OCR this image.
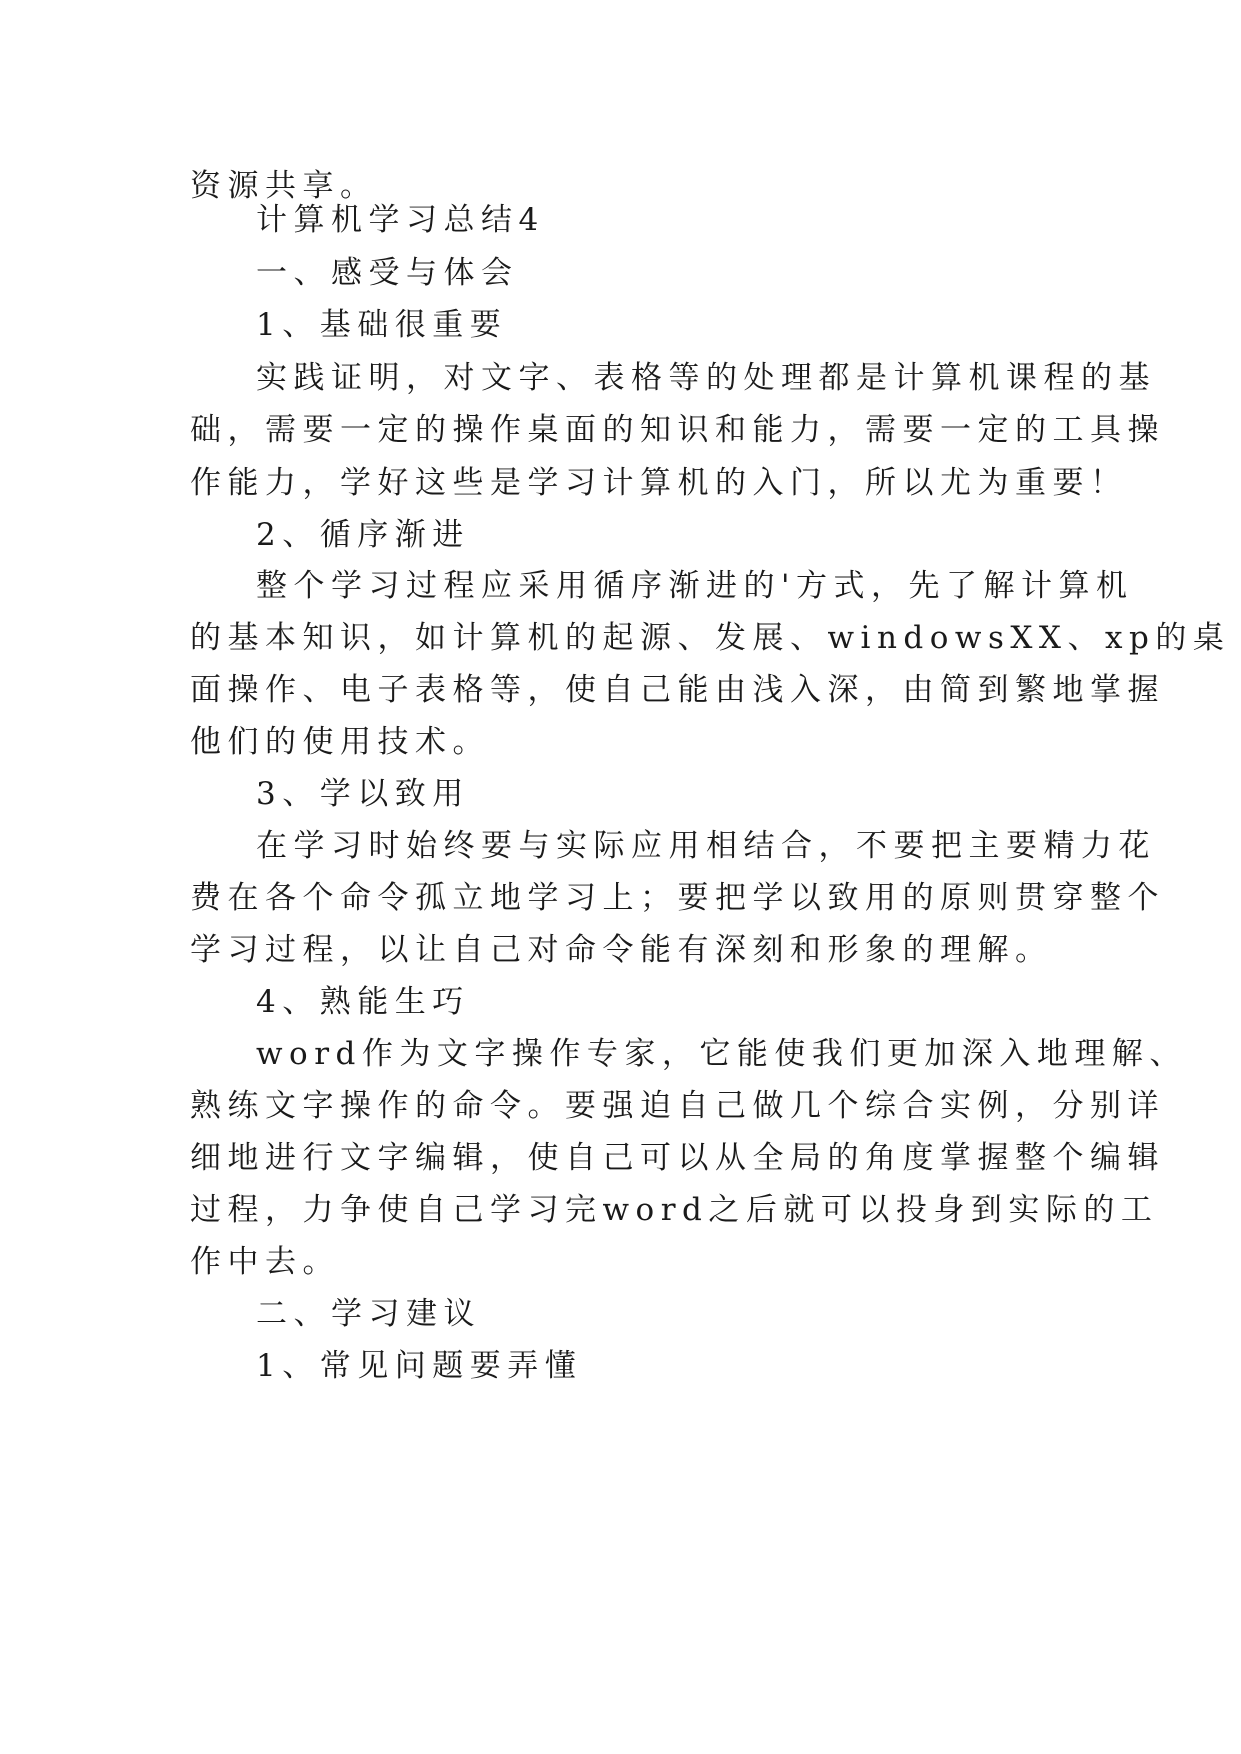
资源共享。
计算机学习总结4
一、感受与体会
1、基础很重要
实践证明，对文字、表格等的处理都是计算机课程的基
础，需要一定的操作桌面的知识和能力，需要一定的工具操
作能力，学好这些是学习计算机的入门，所以尤为重要！
2、循序渐进
整个学习过程应采用循序渐进的'方式，先了解计算机
的基本知识，如计算机的起源、发展、windowsXX、xp的桌
面操作、电子表格等，使自己能由浅入深，由简到繁地掌握
他们的使用技术。
3、学以致用
在学习时始终要与实际应用相结合，不要把主要精力花
费在各个命令孤立地学习上；要把学以致用的原则贯穿整个
学习过程，以让自己对命令能有深刻和形象的理解。
4、熟能生巧
word作为文字操作专家，它能使我们更加深入地理解、
熟练文字操作的命令。要强迫自己做几个综合实例，分别详
细地进行文字编辑，使自己可以从全局的角度掌握整个编辑
过程，力争使自己学习完word之后就可以投身到实际的工
作中去。
二、学习建议
1、常见问题要弄懂
